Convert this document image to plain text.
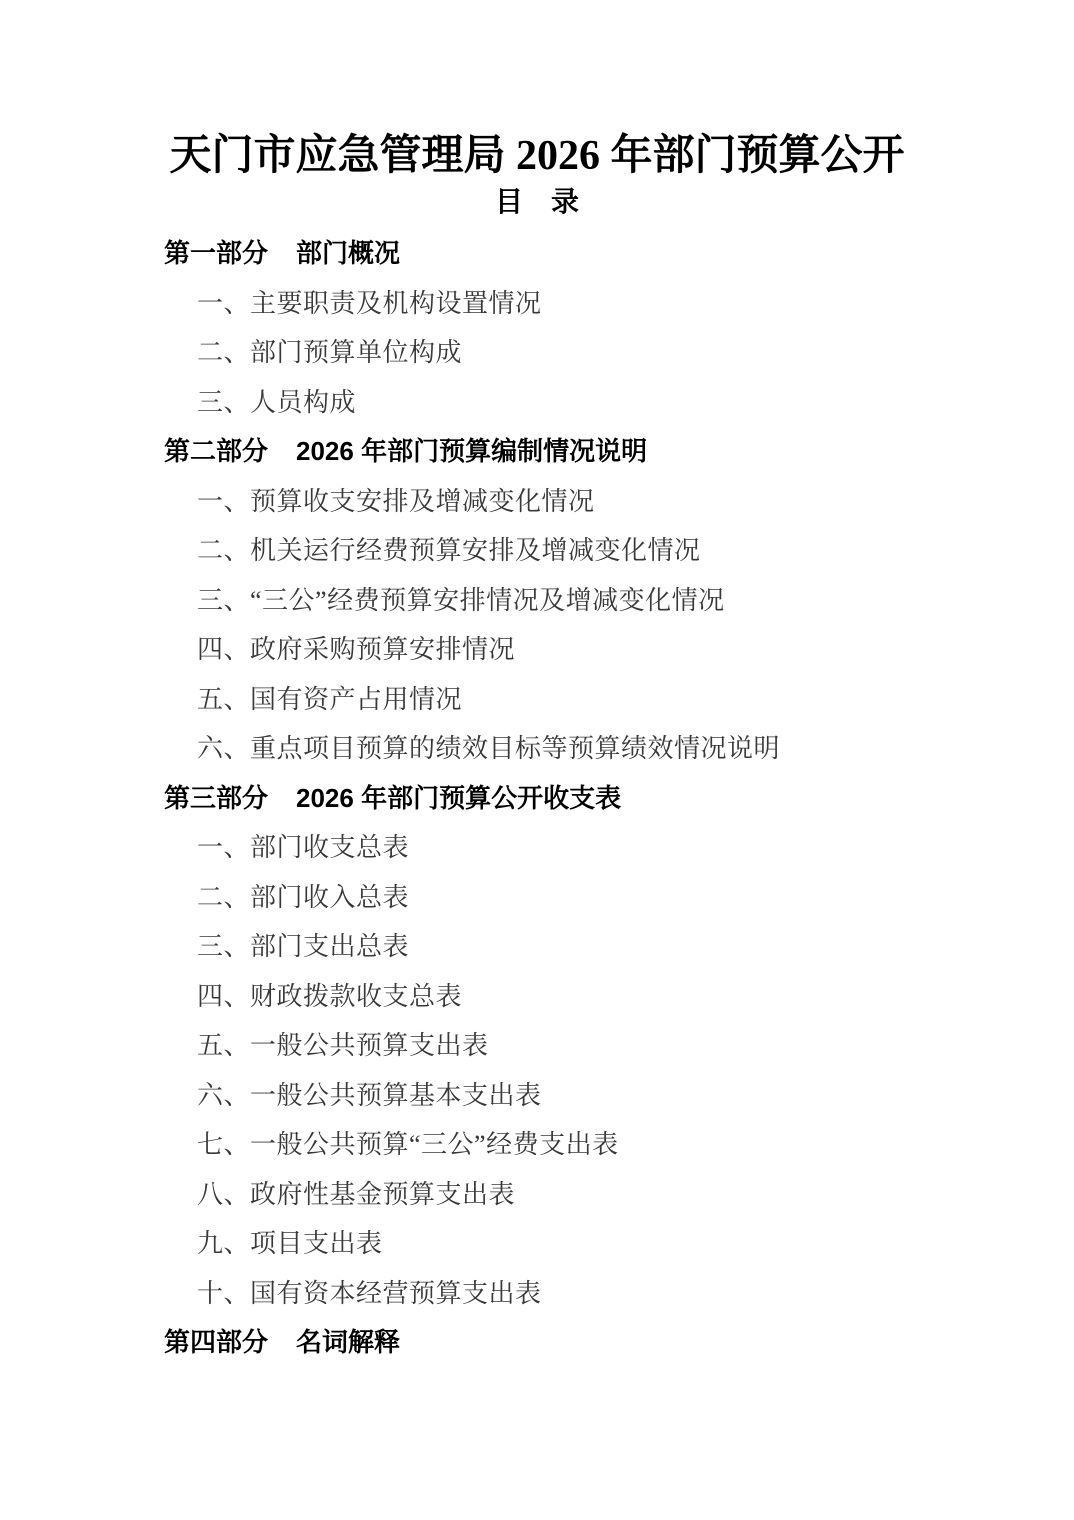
天门市应急管理局 2026 年部门预算公开
目　录
第一部分 部门概况
一、主要职责及机构设置情况
二、部门预算单位构成
三、人员构成
第二部分 2026 年部门预算编制情况说明
一、预算收支安排及增减变化情况
二、机关运行经费预算安排及增减变化情况
三、“三公”经费预算安排情况及增减变化情况
四、政府采购预算安排情况
五、国有资产占用情况
六、重点项目预算的绩效目标等预算绩效情况说明
第三部分 2026 年部门预算公开收支表
一、部门收支总表
二、部门收入总表
三、部门支出总表
四、财政拨款收支总表
五、一般公共预算支出表
六、一般公共预算基本支出表
七、一般公共预算“三公”经费支出表
八、政府性基金预算支出表
九、项目支出表
十、国有资本经营预算支出表
第四部分 名词解释
